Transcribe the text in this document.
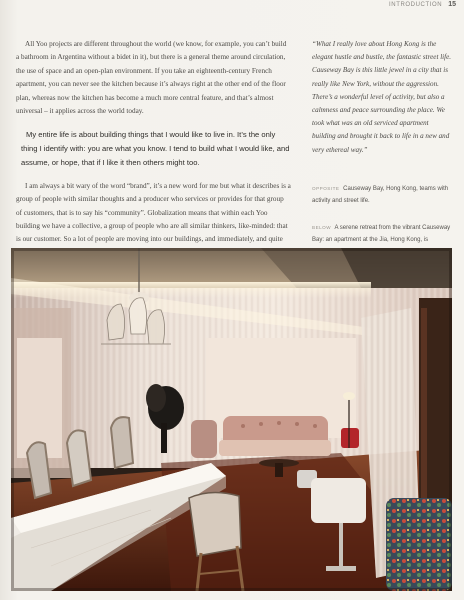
INTRODUCTION 15

All Yoo projects are different throughout the world (we know, for example, you can’t build a bathroom in Argentina without a bidet in it), but there is a general theme around circulation, the use of space and an open-plan environment. If you take an eighteenth-century French apartment, you can never see the kitchen because it’s always right at the other end of the floor plan, whereas now the kitchen has become a much more central feature, and that’s almost universal – it applies across the world today.

My entire life is about building things that I would like to live in. It’s the only thing I identify with: you are what you know. I tend to build what I would like, and assume, or hope, that if I like it then others might too.

I am always a bit wary of the word “brand”, it’s a new word for me but what it describes is a group of people with similar thoughts and a producer who services or provides for that group of customers, that is to say his “community”. Globalization means that within each Yoo building we have a collective, a group of people who are all similar thinkers, like-minded: that is our customer. So a lot of people are moving into our buildings, and immediately, and quite

“What I really love about Hong Kong is the elegant hustle and bustle, the fantastic street life. Causeway Bay is this little jewel in a city that is really like New York, without the aggression. There’s a wonderful level of activity, but also a calmness and peace surrounding the place. We took what was an old serviced apartment building and brought it back to life in a new and very ethereal way.”
OPPOSITE Causeway Bay, Hong Kong, teams with activity and street life.
BELOW A serene retreat from the vibrant Causeway Bay: an apartment at the Jia, Hong Kong, is
